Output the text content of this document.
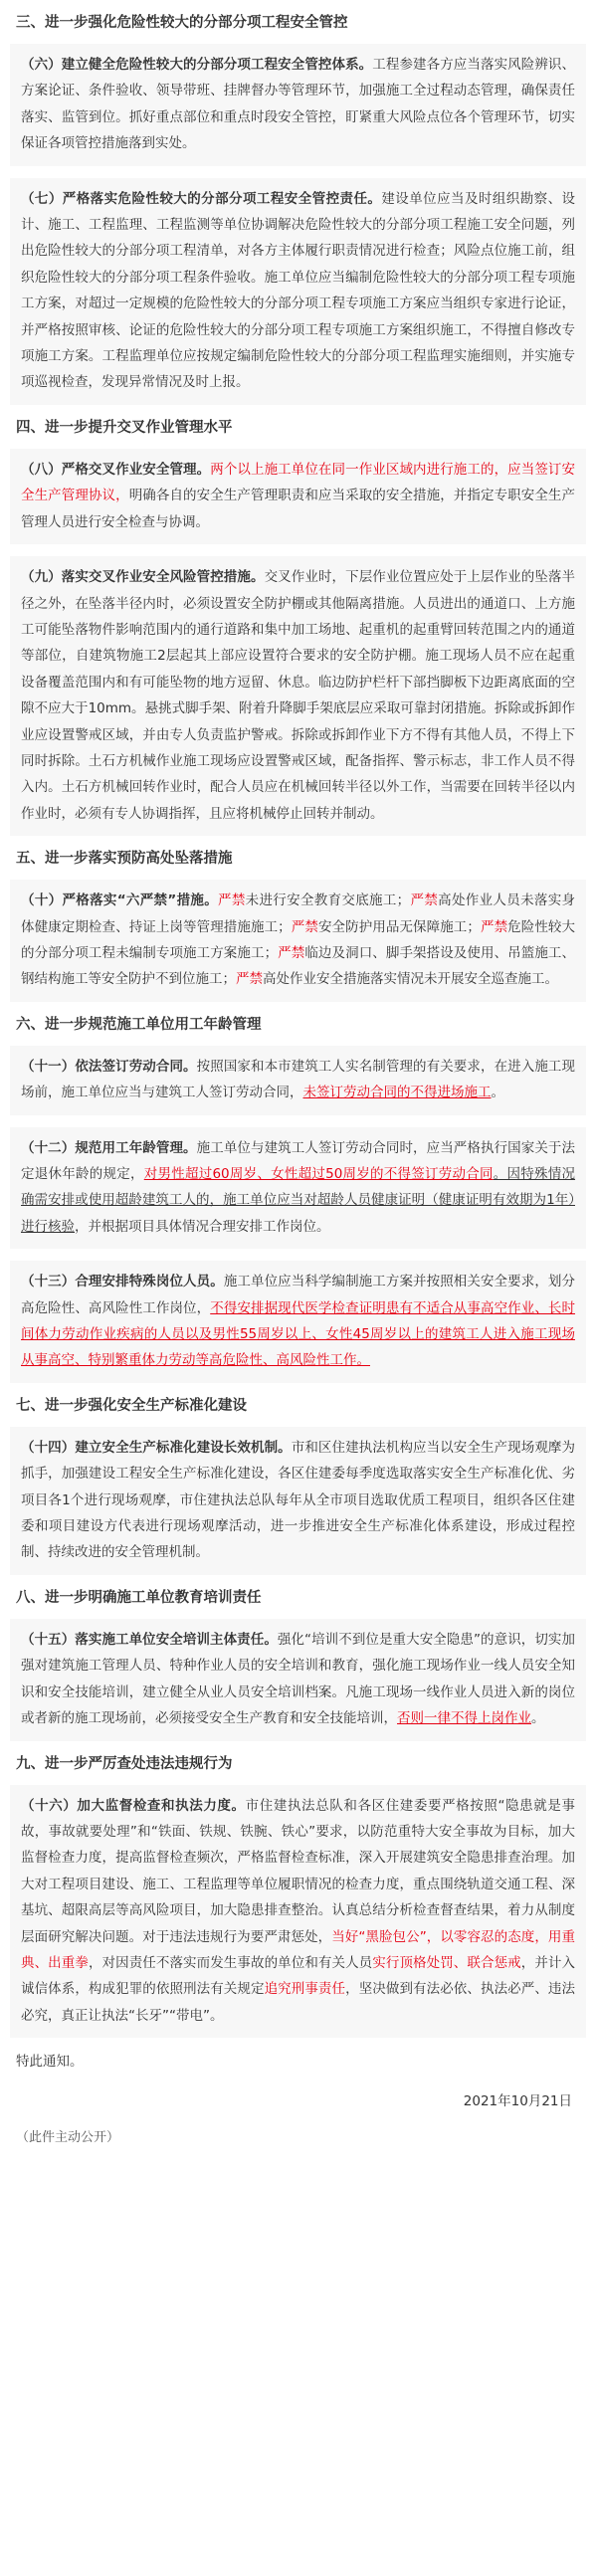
三、进一步强化危险性较大的分部分项工程安全管控
（六）建立健全危险性较大的分部分项工程安全管控体系。工程参建各方应当落实风险辨识、方案论证、条件验收、领导带班、挂牌督办等管理环节，加强施工全过程动态管理，确保责任落实、监管到位。抓好重点部位和重点时段安全管控，盯紧重大风险点位各个管理环节，切实保证各项管控措施落到实处。
（七）严格落实危险性较大的分部分项工程安全管控责任。建设单位应当及时组织勘察、设计、施工、工程监理、工程监测等单位协调解决危险性较大的分部分项工程施工安全问题，列出危险性较大的分部分项工程清单，对各方主体履行职责情况进行检查；风险点位施工前，组织危险性较大的分部分项工程条件验收。施工单位应当编制危险性较大的分部分项工程专项施工方案，对超过一定规模的危险性较大的分部分项工程专项施工方案应当组织专家进行论证，并严格按照审核、论证的危险性较大的分部分项工程专项施工方案组织施工，不得擅自修改专项施工方案。工程监理单位应按规定编制危险性较大的分部分项工程监理实施细则，并实施专项巡视检查，发现异常情况及时上报。
四、进一步提升交叉作业管理水平
（八）严格交叉作业安全管理。两个以上施工单位在同一作业区域内进行施工的，应当签订安全生产管理协议，明确各自的安全生产管理职责和应当采取的安全措施，并指定专职安全生产管理人员进行安全检查与协调。
（九）落实交叉作业安全风险管控措施。交叉作业时，下层作业位置应处于上层作业的坠落半径之外，在坠落半径内时，必须设置安全防护棚或其他隔离措施。人员进出的通道口、上方施工可能坠落物件影响范围内的通行道路和集中加工场地、起重机的起重臂回转范围之内的通道等部位，自建筑物施工2层起其上部应设置符合要求的安全防护棚。施工现场人员不应在起重设备覆盖范围内和有可能坠物的地方逗留、休息。临边防护栏杆下部挡脚板下边距离底面的空隙不应大于10mm。悬挑式脚手架、附着升降脚手架底层应采取可靠封闭措施。拆除或拆卸作业应设置警戒区域，并由专人负责监护警戒。拆除或拆卸作业下方不得有其他人员，不得上下同时拆除。土石方机械作业施工现场应设置警戒区域，配备指挥、警示标志，非工作人员不得入内。土石方机械回转作业时，配合人员应在机械回转半径以外工作，当需要在回转半径以内作业时，必须有专人协调指挥，且应将机械停止回转并制动。
五、进一步落实预防高处坠落措施
（十）严格落实“六严禁”措施。严禁未进行安全教育交底施工；严禁高处作业人员未落实身体健康定期检查、持证上岗等管理措施施工；严禁安全防护用品无保障施工；严禁危险性较大的分部分项工程未编制专项施工方案施工；严禁临边及洞口、脚手架搭设及使用、吊篮施工、钢结构施工等安全防护不到位施工；严禁高处作业安全措施落实情况未开展安全巡查施工。
六、进一步规范施工单位用工年龄管理
（十一）依法签订劳动合同。按照国家和本市建筑工人实名制管理的有关要求，在进入施工现场前，施工单位应当与建筑工人签订劳动合同，未签订劳动合同的不得进场施工。
（十二）规范用工年龄管理。施工单位与建筑工人签订劳动合同时，应当严格执行国家关于法定退休年龄的规定，对男性超过60周岁、女性超过50周岁的不得签订劳动合同。因特殊情况确需安排或使用超龄建筑工人的，施工单位应当对超龄人员健康证明（健康证明有效期为1年）进行核验，并根据项目具体情况合理安排工作岗位。
（十三）合理安排特殊岗位人员。施工单位应当科学编制施工方案并按照相关安全要求，划分高危险性、高风险性工作岗位，不得安排据现代医学检查证明患有不适合从事高空作业、长时间体力劳动作业疾病的人员以及男性55周岁以上、女性45周岁以上的建筑工人进入施工现场从事高空、特别繁重体力劳动等高危险性、高风险性工作。
七、进一步强化安全生产标准化建设
（十四）建立安全生产标准化建设长效机制。市和区住建执法机构应当以安全生产现场观摩为抓手，加强建设工程安全生产标准化建设，各区住建委每季度选取落实安全生产标准化优、劣项目各1个进行现场观摩，市住建执法总队每年从全市项目选取优质工程项目，组织各区住建委和项目建设方代表进行现场观摩活动，进一步推进安全生产标准化体系建设，形成过程控制、持续改进的安全管理机制。
八、进一步明确施工单位教育培训责任
（十五）落实施工单位安全培训主体责任。强化“培训不到位是重大安全隐患”的意识，切实加强对建筑施工管理人员、特种作业人员的安全培训和教育，强化施工现场作业一线人员安全知识和安全技能培训，建立健全从业人员安全培训档案。凡施工现场一线作业人员进入新的岗位或者新的施工现场前，必须接受安全生产教育和安全技能培训，否则一律不得上岗作业。
九、进一步严厉查处违法违规行为
（十六）加大监督检查和执法力度。市住建执法总队和各区住建委要严格按照“隐患就是事故，事故就要处理”和“铁面、铁规、铁腕、铁心”要求，以防范重特大安全事故为目标，加大监督检查力度，提高监督检查频次，严格监督检查标准，深入开展建筑安全隐患排查治理。加大对工程项目建设、施工、工程监理等单位履职情况的检查力度，重点围绕轨道交通工程、深基坑、超限高层等高风险项目，加大隐患排查整治。认真总结分析检查督查结果，着力从制度层面研究解决问题。对于违法违规行为要严肃惩处，当好“黑脸包公”，以零容忍的态度，用重典、出重拳，对因责任不落实而发生事故的单位和有关人员实行顶格处罚、联合惩戒，并计入诚信体系，构成犯罪的依照刑法有关规定追究刑事责任，坚决做到有法必依、执法必严、违法必究，真正让执法“长牙”“带电”。
特此通知。
2021年10月21日
（此件主动公开）
